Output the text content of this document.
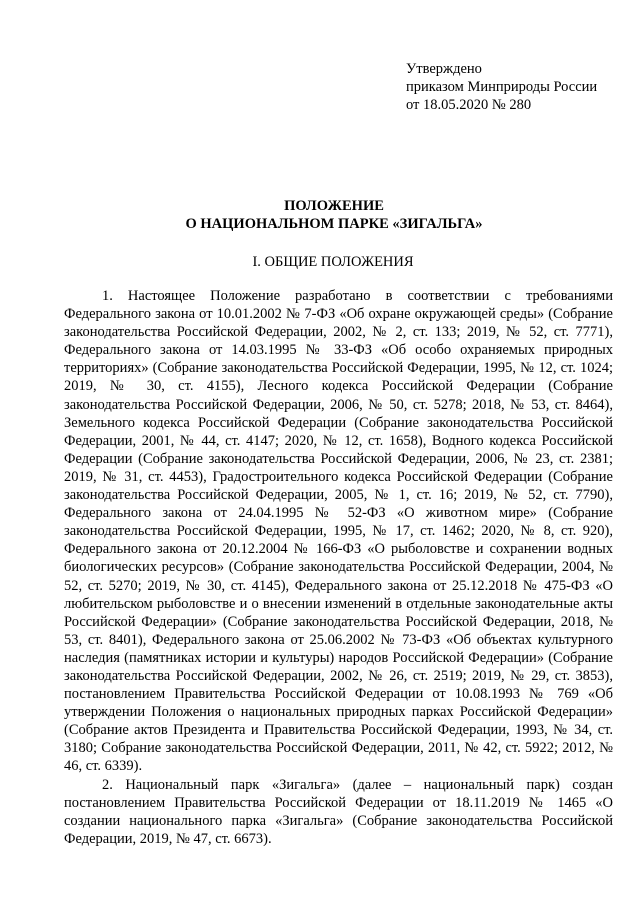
Утверждено
приказом Минприроды России
от 18.05.2020 № 280
ПОЛОЖЕНИЕ
О НАЦИОНАЛЬНОМ ПАРКЕ «ЗИГАЛЬГА»
I. ОБЩИЕ ПОЛОЖЕНИЯ

1. Настоящее Положение разработано в соответствии с требованиями Федерального закона от 10.01.2002 № 7-ФЗ «Об охране окружающей среды» (Собрание законодательства Российской Федерации, 2002, № 2, ст. 133; 2019, № 52, ст. 7771), Федерального закона от 14.03.1995 № 33-ФЗ «Об особо охраняемых природных территориях» (Собрание законодательства Российской Федерации, 1995, № 12, ст. 1024; 2019, № 30, ст. 4155), Лесного кодекса Российской Федерации (Собрание законодательства Российской Федерации, 2006, № 50, ст. 5278; 2018, № 53, ст. 8464), Земельного кодекса Российской Федерации (Собрание законодательства Российской Федерации, 2001, № 44, ст. 4147; 2020, № 12, ст. 1658), Водного кодекса Российской Федерации (Собрание законодательства Российской Федерации, 2006, № 23, ст. 2381; 2019, № 31, ст. 4453), Градостроительного кодекса Российской Федерации (Собрание законодательства Российской Федерации, 2005, № 1, ст. 16; 2019, № 52, ст. 7790), Федерального закона от 24.04.1995 № 52-ФЗ «О животном мире» (Собрание законодательства Российской Федерации, 1995, № 17, ст. 1462; 2020, № 8, ст. 920), Федерального закона от 20.12.2004 № 166-ФЗ «О рыболовстве и сохранении водных биологических ресурсов» (Собрание законодательства Российской Федерации, 2004, № 52, ст. 5270; 2019, № 30, ст. 4145), Федерального закона от 25.12.2018 № 475-ФЗ «О любительском рыболовстве и о внесении изменений в отдельные законодательные акты Российской Федерации» (Собрание законодательства Российской Федерации, 2018, № 53, ст. 8401), Федерального закона от 25.06.2002 № 73-ФЗ «Об объектах культурного наследия (памятниках истории и культуры) народов Российской Федерации» (Собрание законодательства Российской Федерации, 2002, № 26, ст. 2519; 2019, № 29, ст. 3853), постановлением Правительства Российской Федерации от 10.08.1993 № 769 «Об утверждении Положения о национальных природных парках Российской Федерации» (Собрание актов Президента и Правительства Российской Федерации, 1993, № 34, ст. 3180; Собрание законодательства Российской Федерации, 2011, № 42, ст. 5922; 2012, № 46, ст. 6339).

2. Национальный парк «Зигальга» (далее – национальный парк) создан постановлением Правительства Российской Федерации от 18.11.2019 № 1465 «О создании национального парка «Зигальга» (Собрание законодательства Российской Федерации, 2019, № 47, ст. 6673).
